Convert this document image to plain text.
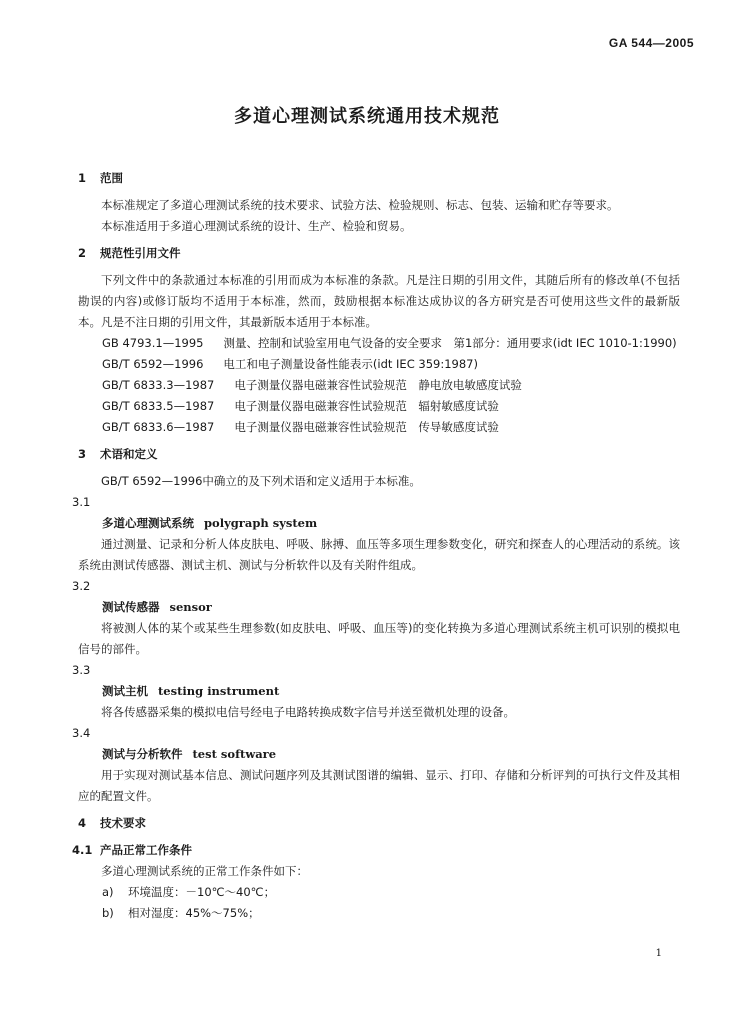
GA 544—2005
多道心理测试系统通用技术规范
1 范围

本标准规定了多道心理测试系统的技术要求、试验方法、检验规则、标志、包装、运输和贮存等要求。

本标准适用于多道心理测试系统的设计、生产、检验和贸易。

2 规范性引用文件

下列文件中的条款通过本标准的引用而成为本标准的条款。凡是注日期的引用文件，其随后所有的修改单(不包括勘误的内容)或修订版均不适用于本标准，然而，鼓励根据本标准达成协议的各方研究是否可使用这些文件的最新版本。凡是不注日期的引用文件，其最新版本适用于本标准。

GB 4793.1—1995 测量、控制和试验室用电气设备的安全要求　第1部分：通用要求(idt IEC 1010-1:1990)

GB/T 6592—1996 电工和电子测量设备性能表示(idt IEC 359:1987)

GB/T 6833.3—1987 电子测量仪器电磁兼容性试验规范　静电放电敏感度试验

GB/T 6833.5—1987 电子测量仪器电磁兼容性试验规范　辐射敏感度试验

GB/T 6833.6—1987 电子测量仪器电磁兼容性试验规范　传导敏感度试验

3 术语和定义

GB/T 6592—1996中确立的及下列术语和定义适用于本标准。

3.1

多道心理测试系统 polygraph system

通过测量、记录和分析人体皮肤电、呼吸、脉搏、血压等多项生理参数变化，研究和探查人的心理活动的系统。该系统由测试传感器、测试主机、测试与分析软件以及有关附件组成。

3.2

测试传感器 sensor

将被测人体的某个或某些生理参数(如皮肤电、呼吸、血压等)的变化转换为多道心理测试系统主机可识别的模拟电信号的部件。

3.3

测试主机 testing instrument

将各传感器采集的模拟电信号经电子电路转换成数字信号并送至微机处理的设备。

3.4

测试与分析软件 test software

用于实现对测试基本信息、测试问题序列及其测试图谱的编辑、显示、打印、存储和分析评判的可执行文件及其相应的配置文件。

4 技术要求
4.1 产品正常工作条件

多道心理测试系统的正常工作条件如下：

a) 环境温度：－10℃～40℃；

b) 相对湿度：45%～75%；

1
